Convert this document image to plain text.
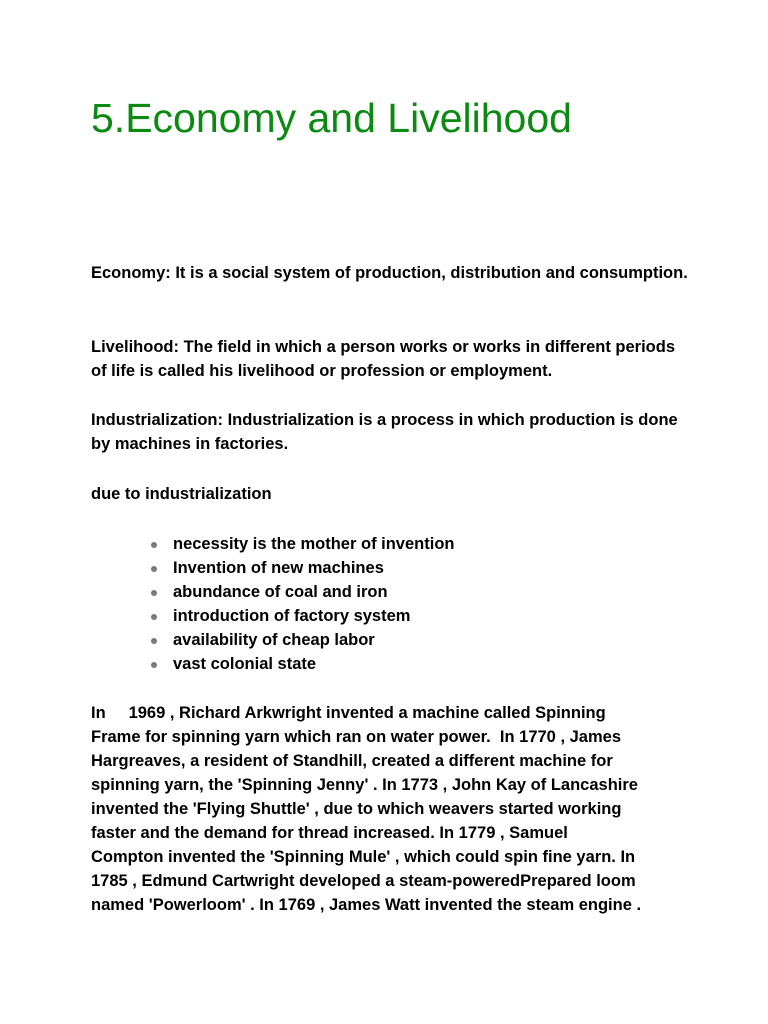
5.Economy and Livelihood

Economy: It is a social system of production, distribution and consumption.

Livelihood: The field in which a person works or works in different periods of life is called his livelihood or profession or employment.

Industrialization: Industrialization is a process in which production is done by machines in factories.

due to industrialization

necessity is the mother of invention
Invention of new machines
abundance of coal and iron
introduction of factory system
availability of cheap labor
vast colonial state

In     1969 , Richard Arkwright invented a machine called Spinning
Frame for spinning yarn which ran on water power.  In 1770 , James
Hargreaves, a resident of Standhill, created a different machine for
spinning yarn, the 'Spinning Jenny' . In 1773 , John Kay of Lancashire
invented the 'Flying Shuttle' , due to which weavers started working
faster and the demand for thread increased. In 1779 , Samuel
Compton invented the 'Spinning Mule' , which could spin fine yarn. In
1785 , Edmund Cartwright developed a steam-poweredPrepared loom
named 'Powerloom' . In 1769 , James Watt invented the steam engine .
